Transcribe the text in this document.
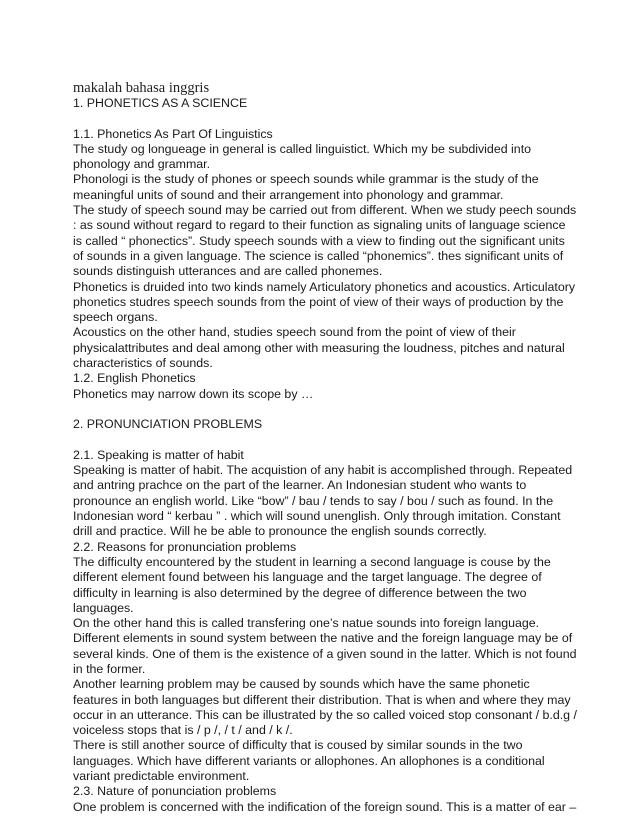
makalah bahasa inggris
1. PHONETICS AS A SCIENCE
1.1. Phonetics As Part Of Linguistics
The study og longueage in general is called linguistict. Which my be subdivided into
phonology and grammar.
Phonologi is the study of phones or speech sounds while grammar is the study of the
meaningful units of sound and their arrangement into phonology and grammar.
The study of speech sound may be carried out from different. When we study peech sounds
: as sound without regard to regard to their function as signaling units of language science
is called “ phonectics”. Study speech sounds with a view to finding out the significant units
of sounds in a given language. The science is called “phonemics”. thes significant units of
sounds distinguish utterances and are called phonemes.
Phonetics is druided into two kinds namely Articulatory phonetics and acoustics. Articulatory
phonetics studres speech sounds from the point of view of their ways of production by the
speech organs.
Acoustics on the other hand, studies speech sound from the point of view of their
physicalattributes and deal among other with measuring the loudness, pitches and natural
characteristics of sounds.
1.2. English Phonetics
Phonetics may narrow down its scope by …
2. PRONUNCIATION PROBLEMS
2.1. Speaking is matter of habit
Speaking is matter of habit. The acquistion of any habit is accomplished through. Repeated
and antring prachce on the part of the learner. An Indonesian student who wants to
pronounce an english world. Like “bow” / bau / tends to say / bou / such as found. In the
Indonesian word “ kerbau ” . which will sound unenglish. Only through imitation. Constant
drill and practice. Will he be able to pronounce the english sounds correctly.
2.2. Reasons for pronunciation problems
The difficulty encountered by the student in learning a second language is couse by the
different element found between his language and the target language. The degree of
difficulty in learning is also determined by the degree of difference between the two
languages.
On the other hand this is called transfering one’s natue sounds into foreign language.
Different elements in sound system between the native and the foreign language may be of
several kinds. One of them is the existence of a given sound in the latter. Which is not found
in the former.
Another learning problem may be caused by sounds which have the same phonetic
features in both languages but different their distribution. That is when and where they may
occur in an utterance. This can be illustrated by the so called voiced stop consonant / b.d.g /
voiceless stops that is / p /, / t / and / k /.
There is still another source of difficulty that is coused by similar sounds in the two
languages. Which have different variants or allophones. An allophones is a conditional
variant predictable environment.
2.3. Nature of ponunciation problems
One problem is concerned with the indification of the foreign sound. This is a matter of ear –
